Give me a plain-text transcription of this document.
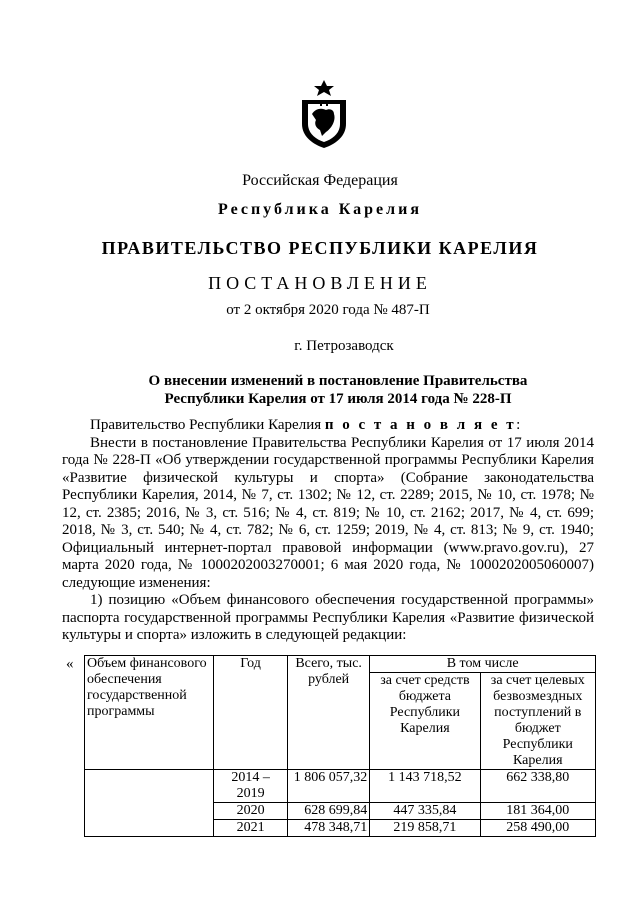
Российская Федерация
Республика Карелия
ПРАВИТЕЛЬСТВО РЕСПУБЛИКИ КАРЕЛИЯ
ПОСТАНОВЛЕНИЕ
от 2 октября 2020 года № 487-П
г. Петрозаводск
О внесении изменений в постановление Правительства
Республики Карелия от 17 июля 2014 года № 228-П

Правительство Республики Карелия п о с т а н о в л я е т:

Внести в постановление Правительства Республики Карелия от 17 июля 2014 года № 228-П «Об утверждении государственной программы Республики Карелия «Развитие физической культуры и спорта» (Собрание законодательства Республики Карелия, 2014, № 7, ст. 1302; № 12, ст. 2289; 2015, № 10, ст. 1978; № 12, ст. 2385; 2016, № 3, ст. 516; № 4, ст. 819; № 10, ст. 2162; 2017, № 4, ст. 699; 2018, № 3, ст. 540; № 4, ст. 782; № 6, ст. 1259; 2019, № 4, ст. 813; № 9, ст. 1940; Официальный интернет-портал правовой информации (www.pravo.gov.ru), 27 марта 2020 года, № 1000202003270001; 6 мая 2020 года, № 1000202005060007) следующие изменения:

1) позицию «Объем финансового обеспечения государственной программы» паспорта государственной программы Республики Карелия «Развитие физической культуры и спорта» изложить в следующей редакции:

« Объем финансового обеспечения государственной программы	Год	Всего, тыс. рублей	В том числе	
			за счет средств бюджета Республики Карелия	за счет целевых безвозмездных поступлений в бюджет Республики Карелия
	2014 – 2019	1 806 057,32	1 143 718,52	662 338,80
	2020	628 699,84	447 335,84	181 364,00
	2021	478 348,71	219 858,71	258 490,00
